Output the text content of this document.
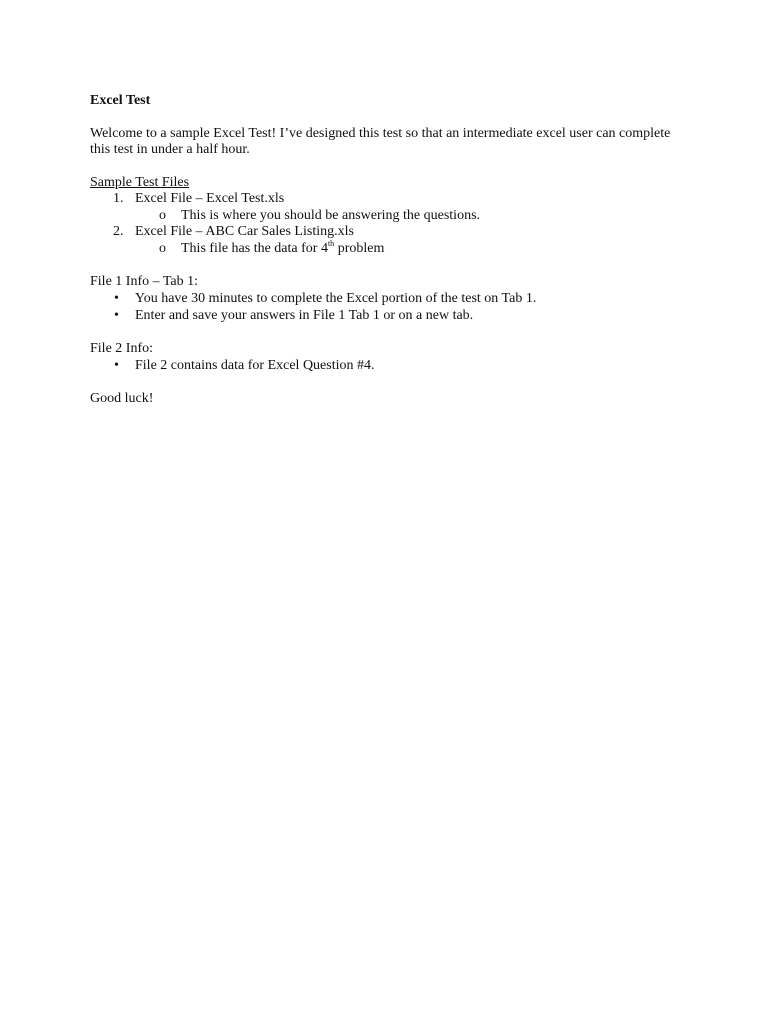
Excel Test
Welcome to a sample Excel Test! I’ve designed this test so that an intermediate excel user can complete
this test in under a half hour.
Sample Test Files
1. Excel File – Excel Test.xls
o This is where you should be answering the questions.
2. Excel File – ABC Car Sales Listing.xls
o This file has the data for 4th problem
File 1 Info – Tab 1:
• You have 30 minutes to complete the Excel portion of the test on Tab 1.
• Enter and save your answers in File 1 Tab 1 or on a new tab.
File 2 Info:
• File 2 contains data for Excel Question #4.
Good luck!
